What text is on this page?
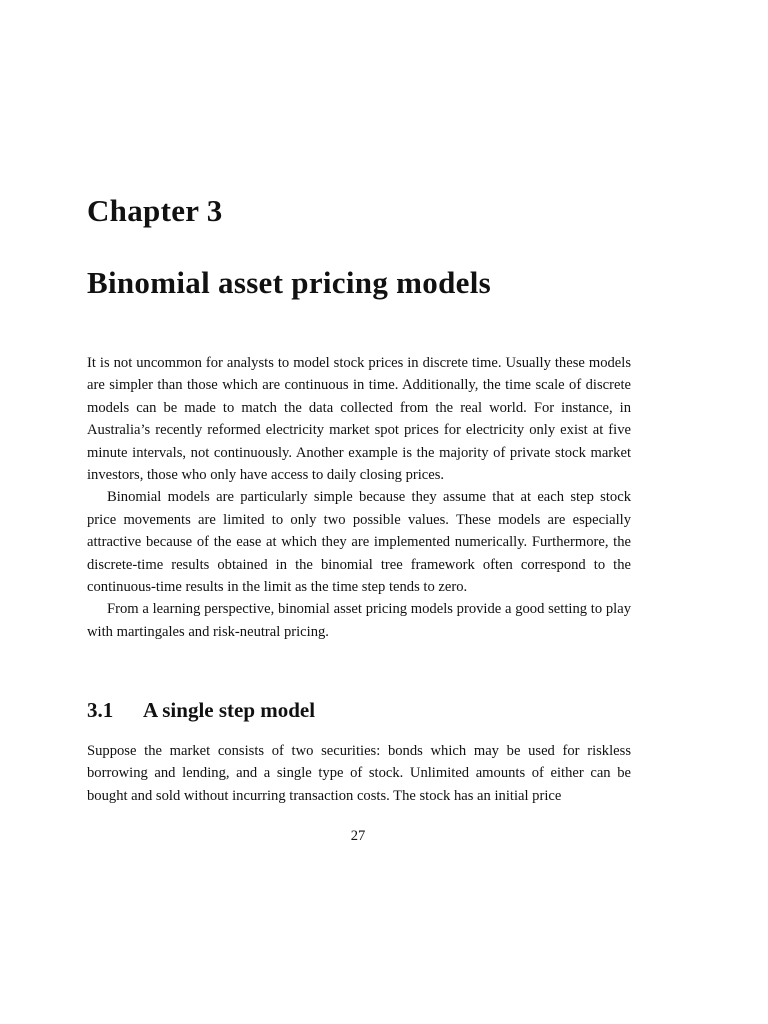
Chapter 3
Binomial asset pricing models

It is not uncommon for analysts to model stock prices in discrete time. Usually these models are simpler than those which are continuous in time. Additionally, the time scale of discrete models can be made to match the data collected from the real world. For instance, in Australia’s recently reformed electricity market spot prices for electricity only exist at five minute intervals, not continuously. Another example is the majority of private stock market investors, those who only have access to daily closing prices.

Binomial models are particularly simple because they assume that at each step stock price movements are limited to only two possible values. These models are especially attractive because of the ease at which they are implemented numerically. Furthermore, the discrete-time results obtained in the binomial tree framework often correspond to the continuous-time results in the limit as the time step tends to zero.

From a learning perspective, binomial asset pricing models provide a good setting to play with martingales and risk-neutral pricing.

3.1 A single step model

Suppose the market consists of two securities: bonds which may be used for riskless borrowing and lending, and a single type of stock. Unlimited amounts of either can be bought and sold without incurring transaction costs. The stock has an initial price

27
